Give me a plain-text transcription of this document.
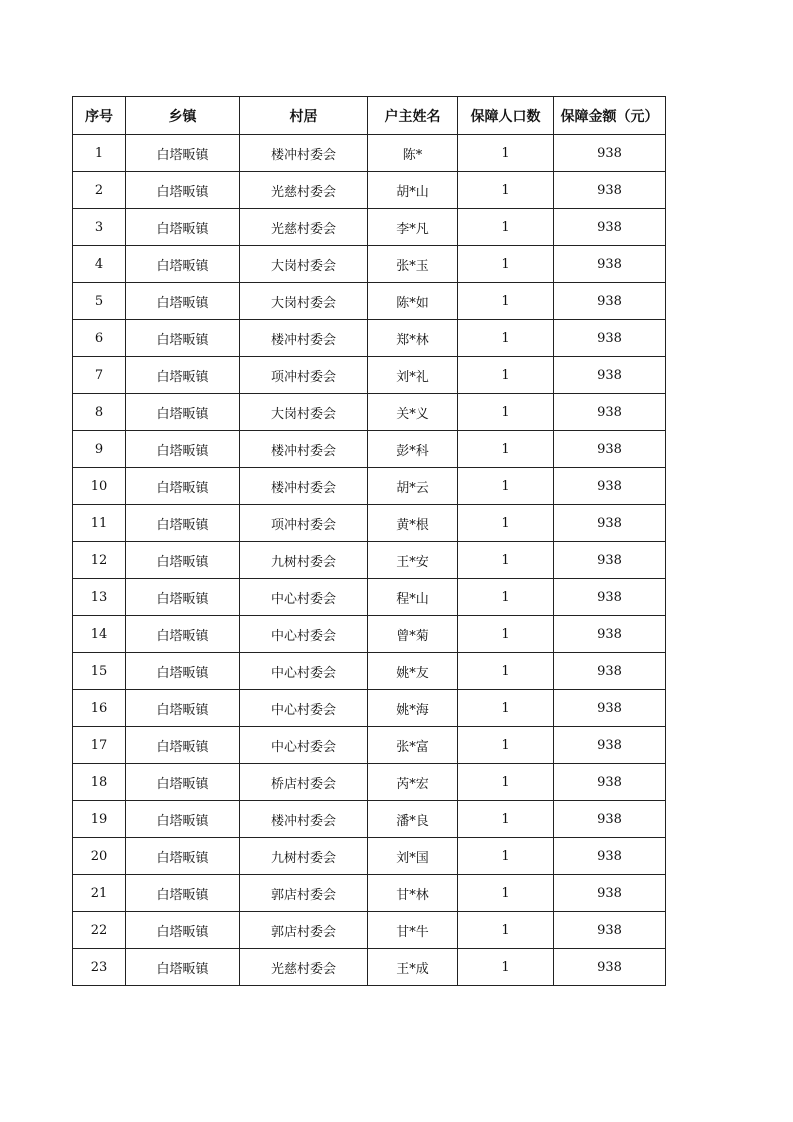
序号	乡镇	村居	户主姓名	保障人口数	保障金额（元）
1	白塔畈镇	楼冲村委会	陈*	1	938
2	白塔畈镇	光慈村委会	胡*山	1	938
3	白塔畈镇	光慈村委会	李*凡	1	938
4	白塔畈镇	大岗村委会	张*玉	1	938
5	白塔畈镇	大岗村委会	陈*如	1	938
6	白塔畈镇	楼冲村委会	郑*林	1	938
7	白塔畈镇	项冲村委会	刘*礼	1	938
8	白塔畈镇	大岗村委会	关*义	1	938
9	白塔畈镇	楼冲村委会	彭*科	1	938
10	白塔畈镇	楼冲村委会	胡*云	1	938
11	白塔畈镇	项冲村委会	黄*根	1	938
12	白塔畈镇	九树村委会	王*安	1	938
13	白塔畈镇	中心村委会	程*山	1	938
14	白塔畈镇	中心村委会	曾*菊	1	938
15	白塔畈镇	中心村委会	姚*友	1	938
16	白塔畈镇	中心村委会	姚*海	1	938
17	白塔畈镇	中心村委会	张*富	1	938
18	白塔畈镇	桥店村委会	芮*宏	1	938
19	白塔畈镇	楼冲村委会	潘*良	1	938
20	白塔畈镇	九树村委会	刘*国	1	938
21	白塔畈镇	郭店村委会	甘*林	1	938
22	白塔畈镇	郭店村委会	甘*牛	1	938
23	白塔畈镇	光慈村委会	王*成	1	938
